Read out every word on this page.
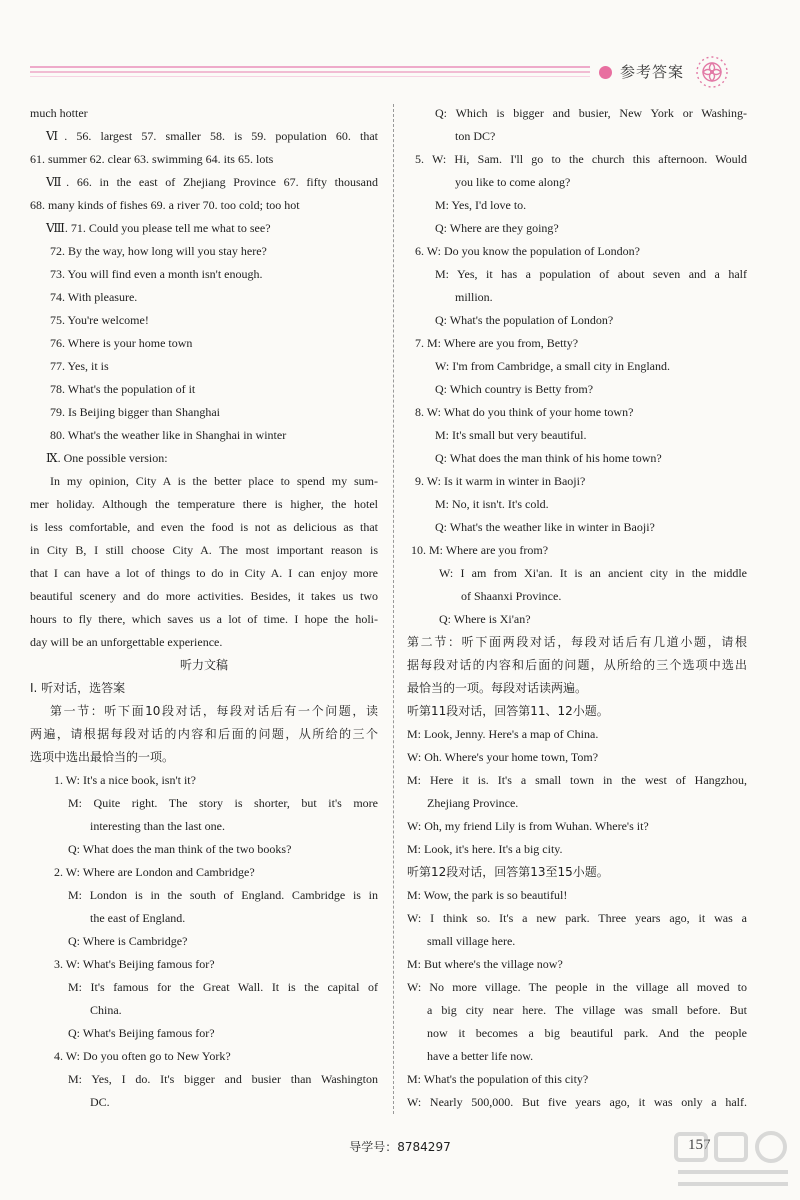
参考答案
much hotter
Ⅵ. 56. largest 57. smaller 58. is 59. population 60. that
61. summer 62. clear 63. swimming 64. its 65. lots
Ⅶ. 66. in the east of Zhejiang Province 67. fifty thousand
68. many kinds of fishes 69. a river 70. too cold; too hot
Ⅷ. 71. Could you please tell me what to see?
72. By the way, how long will you stay here?
73. You will find even a month isn't enough.
74. With pleasure.
75. You're welcome!
76. Where is your home town
77. Yes, it is
78. What's the population of it
79. Is Beijing bigger than Shanghai
80. What's the weather like in Shanghai in winter
Ⅸ. One possible version:
In my opinion, City A is the better place to spend my sum-
mer holiday. Although the temperature there is higher, the hotel
is less comfortable, and even the food is not as delicious as that
in City B, I still choose City A. The most important reason is
that I can have a lot of things to do in City A. I can enjoy more
beautiful scenery and do more activities. Besides, it takes us two
hours to fly there, which saves us a lot of time. I hope the holi-
day will be an unforgettable experience.
听力文稿
Ⅰ. 听对话，选答案
第一节：听下面10段对话，每段对话后有一个问题，读
两遍，请根据每段对话的内容和后面的问题，从所给的三个
选项中选出最恰当的一项。
1. W: It's a nice book, isn't it?
M: Quite right. The story is shorter, but it's more
interesting than the last one.
Q: What does the man think of the two books?
2. W: Where are London and Cambridge?
M: London is in the south of England. Cambridge is in
the east of England.
Q: Where is Cambridge?
3. W: What's Beijing famous for?
M: It's famous for the Great Wall. It is the capital of
China.
Q: What's Beijing famous for?
4. W: Do you often go to New York?
M: Yes, I do. It's bigger and busier than Washington
DC.
Q: Which is bigger and busier, New York or Washing-
ton DC?
5. W: Hi, Sam. I'll go to the church this afternoon. Would
you like to come along?
M: Yes, I'd love to.
Q: Where are they going?
6. W: Do you know the population of London?
M: Yes, it has a population of about seven and a half
million.
Q: What's the population of London?
7. M: Where are you from, Betty?
W: I'm from Cambridge, a small city in England.
Q: Which country is Betty from?
8. W: What do you think of your home town?
M: It's small but very beautiful.
Q: What does the man think of his home town?
9. W: Is it warm in winter in Baoji?
M: No, it isn't. It's cold.
Q: What's the weather like in winter in Baoji?
10. M: Where are you from?
W: I am from Xi'an. It is an ancient city in the middle
of Shaanxi Province.
Q: Where is Xi'an?
第二节：听下面两段对话，每段对话后有几道小题，请根
据每段对话的内容和后面的问题，从所给的三个选项中选出
最恰当的一项。每段对话读两遍。
听第11段对话，回答第11、12小题。
M: Look, Jenny. Here's a map of China.
W: Oh. Where's your home town, Tom?
M: Here it is. It's a small town in the west of Hangzhou,
Zhejiang Province.
W: Oh, my friend Lily is from Wuhan. Where's it?
M: Look, it's here. It's a big city.
听第12段对话，回答第13至15小题。
M: Wow, the park is so beautiful!
W: I think so. It's a new park. Three years ago, it was a
small village here.
M: But where's the village now?
W: No more village. The people in the village all moved to
a big city near here. The village was small before. But
now it becomes a big beautiful park. And the people
have a better life now.
M: What's the population of this city?
W: Nearly 500,000. But five years ago, it was only a half.
导学号：8784297	157
